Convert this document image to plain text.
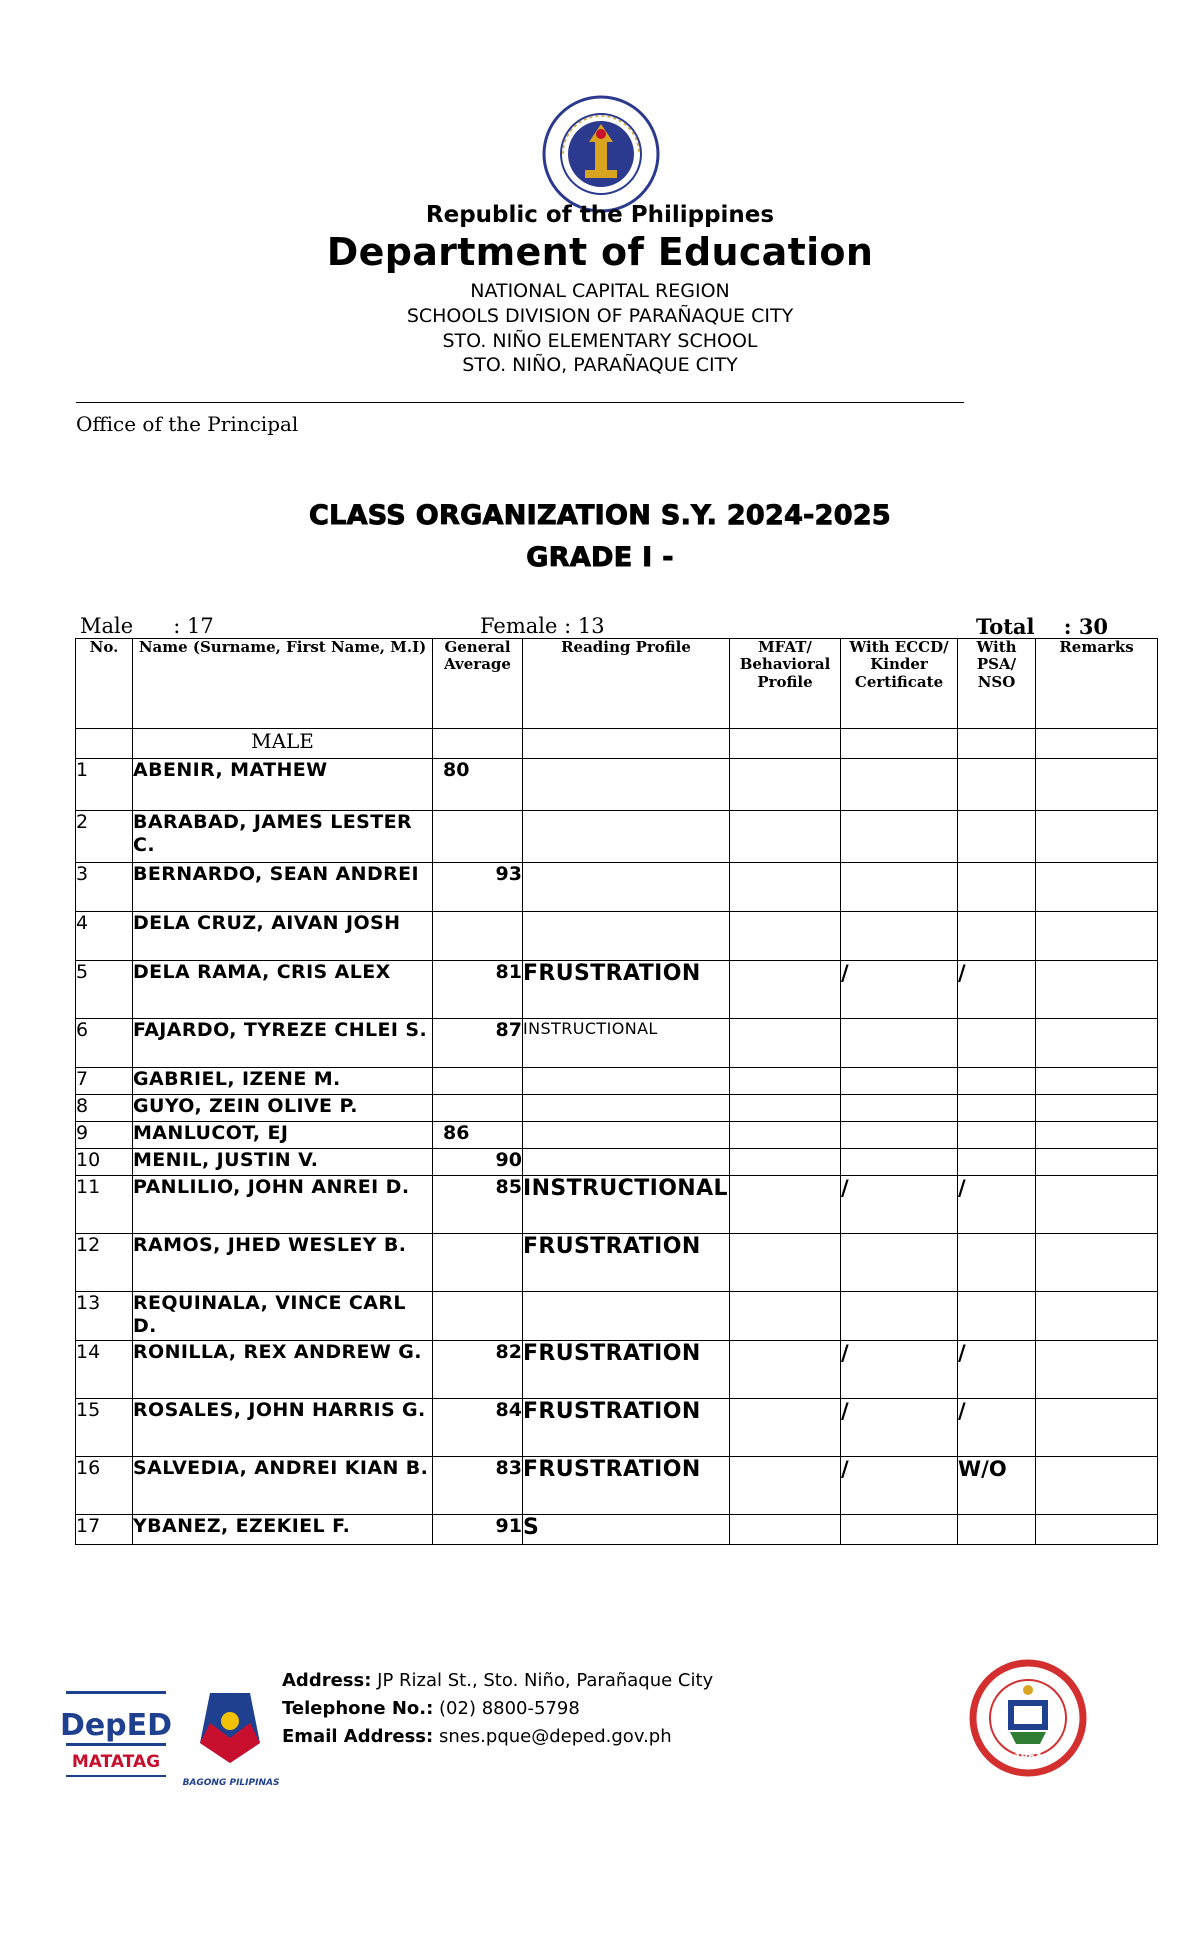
Republic of the Philippines
Department of Education
NATIONAL CAPITAL REGION
SCHOOLS DIVISION OF PARAÑAQUE CITY
STO. NIÑO ELEMENTARY SCHOOL
STO. NIÑO, PARAÑAQUE CITY
Office of the Principal
CLASS ORGANIZATION S.Y. 2024-2025
GRADE I -
Male      : 17	Female : 13	Total    : 30
No.	Name (Surname, First Name, M.I)	General Average	Reading Profile	MFAT/ Behavioral Profile	With ECCD/ Kinder Certificate	With PSA/ NSO	Remarks
	MALE						
1	ABENIR, MATHEW	80					
2	BARABAD, JAMES LESTER C.						
3	BERNARDO, SEAN ANDREI	93					
4	DELA CRUZ, AIVAN JOSH						
5	DELA RAMA, CRIS ALEX	81	FRUSTRATION		/	/	
6	FAJARDO, TYREZE CHLEI S.	87	INSTRUCTIONAL				
7	GABRIEL, IZENE M.						
8	GUYO, ZEIN OLIVE P.						
9	MANLUCOT, EJ	86					
10	MENIL, JUSTIN V.	90					
11	PANLILIO, JOHN ANREI D.	85	INSTRUCTIONAL		/	/	
12	RAMOS, JHED WESLEY B.		FRUSTRATION				
13	REQUINALA, VINCE CARL D.						
14	RONILLA, REX ANDREW G.	82	FRUSTRATION		/	/	
15	ROSALES, JOHN HARRIS G.	84	FRUSTRATION		/	/	
16	SALVEDIA, ANDREI KIAN B.	83	FRUSTRATION		/	W/O	
17	YBANEZ, EZEKIEL F.	91	S				
DepED
MATATAG
BAGONG PILIPINAS
Address: JP Rizal St., Sto. Niño, Parañaque City
Telephone No.: (02) 8800-5798
Email Address: snes.pque@deped.gov.ph
1964
